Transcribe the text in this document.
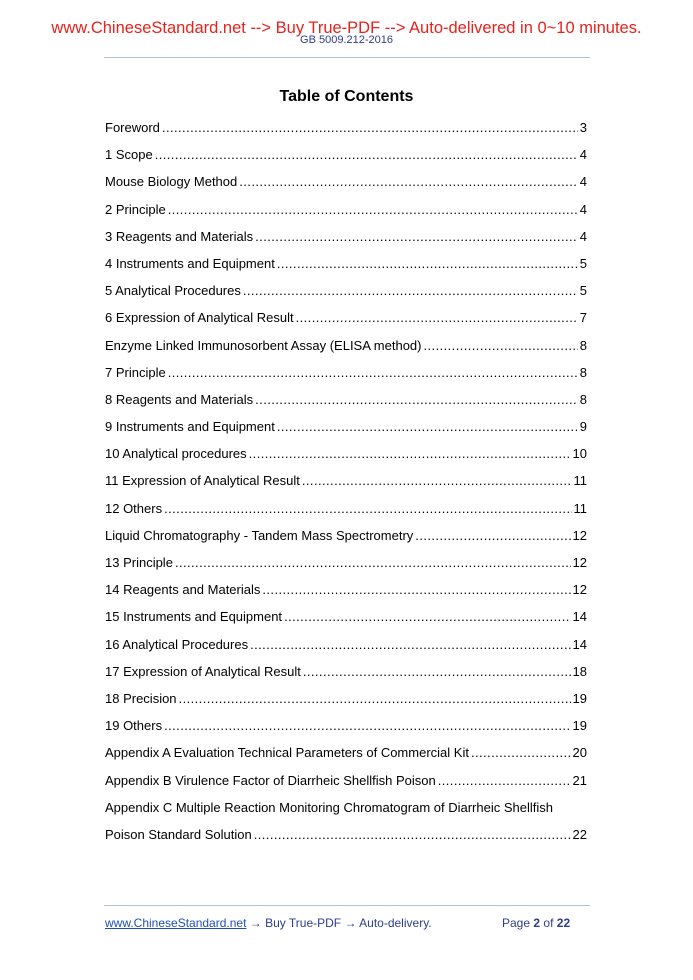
www.ChineseStandard.net --> Buy True-PDF --> Auto-delivered in 0~10 minutes.
GB 5009.212-2016
Table of Contents
Foreword . . .	3
1 Scope . . .	4
Mouse Biology Method . . .	4
2 Principle . . .	4
3 Reagents and Materials . . .	4
4 Instruments and Equipment . . .	5
5 Analytical Procedures . . .	5
6 Expression of Analytical Result . . .	7
Enzyme Linked Immunosorbent Assay (ELISA method) . . .	8
7 Principle . . .	8
8 Reagents and Materials . . .	8
9 Instruments and Equipment . . .	9
10 Analytical procedures . . .	10
11 Expression of Analytical Result . . .	11
12 Others . . .	11
Liquid Chromatography - Tandem Mass Spectrometry . . .	12
13 Principle . . .	12
14 Reagents and Materials . . .	12
15 Instruments and Equipment . . .	14
16 Analytical Procedures . . .	14
17 Expression of Analytical Result . . .	18
18 Precision . . .	19
19 Others . . .	19
Appendix A Evaluation Technical Parameters of Commercial Kit . . .	20
Appendix B Virulence Factor of Diarrheic Shellfish Poison . . .	21
Appendix C Multiple Reaction Monitoring Chromatogram of Diarrheic Shellfish
Poison Standard Solution . . .	22
www.ChineseStandard.net → Buy True-PDF → Auto-delivery.	Page 2 of 22
